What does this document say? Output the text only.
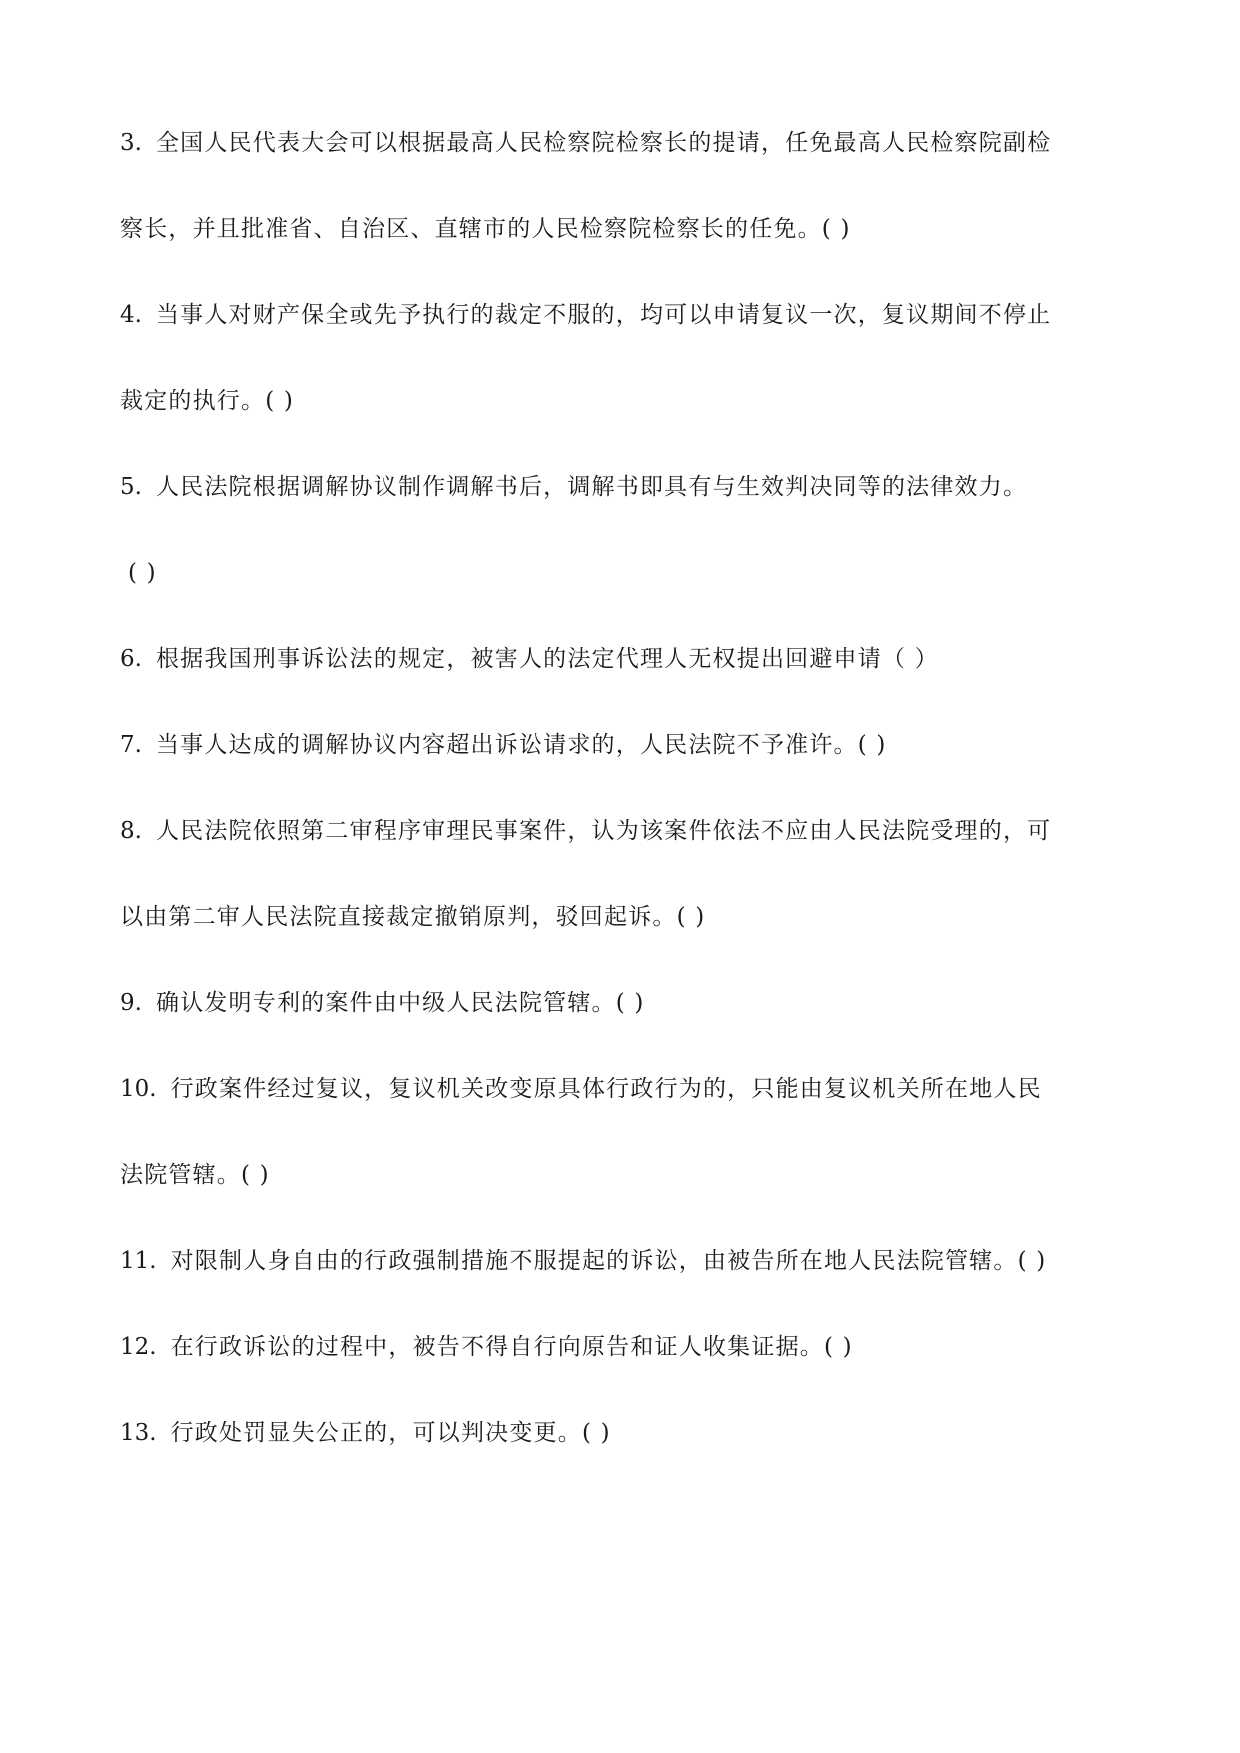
3. 全国人民代表大会可以根据最高人民检察院检察长的提请，任免最高人民检察院副检
察长，并且批准省、自治区、直辖市的人民检察院检察长的任免。( )
4. 当事人对财产保全或先予执行的裁定不服的，均可以申请复议一次，复议期间不停止
裁定的执行。( )
5. 人民法院根据调解协议制作调解书后，调解书即具有与生效判决同等的法律效力。
( )
6. 根据我国刑事诉讼法的规定，被害人的法定代理人无权提出回避申请（ ）
7. 当事人达成的调解协议内容超出诉讼请求的，人民法院不予准许。( )
8. 人民法院依照第二审程序审理民事案件，认为该案件依法不应由人民法院受理的，可
以由第二审人民法院直接裁定撤销原判，驳回起诉。( )
9. 确认发明专利的案件由中级人民法院管辖。( )
10. 行政案件经过复议，复议机关改变原具体行政行为的，只能由复议机关所在地人民
法院管辖。( )
11. 对限制人身自由的行政强制措施不服提起的诉讼，由被告所在地人民法院管辖。( )
12. 在行政诉讼的过程中，被告不得自行向原告和证人收集证据。( )
13. 行政处罚显失公正的，可以判决变更。( )
